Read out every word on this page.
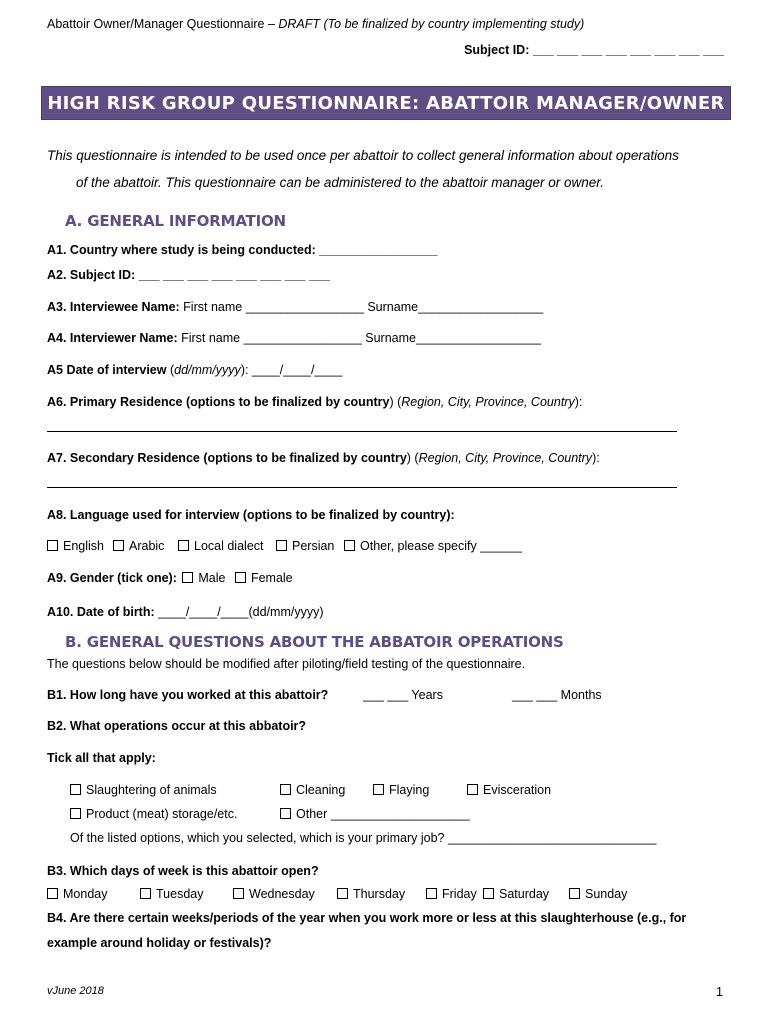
Abattoir Owner/Manager Questionnaire – DRAFT (To be finalized by country implementing study)
Subject ID: ___ ___ ___ ___ ___ ___ ___ ___
HIGH RISK GROUP QUESTIONNAIRE: ABATTOIR MANAGER/OWNER
This questionnaire is intended to be used once per abattoir to collect general information about operations
of the abattoir. This questionnaire can be administered to the abattoir manager or owner.
A. GENERAL INFORMATION
A1. Country where study is being conducted: _________________
A2. Subject ID: ___ ___ ___ ___ ___ ___ ___ ___
A3. Interviewee Name: First name _________________ Surname__________________
A4. Interviewer Name: First name _________________ Surname__________________
A5 Date of interview (dd/mm/yyyy): ____/____/____
A6. Primary Residence (options to be finalized by country) (Region, City, Province, Country):
A7. Secondary Residence (options to be finalized by country) (Region, City, Province, Country):
A8. Language used for interview (options to be finalized by country):
English	Arabic	Local dialect	Persian	Other, please specify ______
A9. Gender (tick one): Male Female
A10. Date of birth: ____/____/____(dd/mm/yyyy)
B. GENERAL QUESTIONS ABOUT THE ABBATOIR OPERATIONS
The questions below should be modified after piloting/field testing of the questionnaire.
B1. How long have you worked at this abattoir?	___ ___ Years	___ ___ Months
B2. What operations occur at this abbatoir?
Tick all that apply:
Slaughtering of animals	Cleaning	Flaying	Evisceration
Product (meat) storage/etc.	Other ____________________
Of the listed options, which you selected, which is your primary job? ______________________________
B3. Which days of week is this abattoir open?
Monday	Tuesday	Wednesday	Thursday	Friday	Saturday	Sunday
B4. Are there certain weeks/periods of the year when you work more or less at this slaughterhouse (e.g., for
example around holiday or festivals)?
vJune 2018	1
